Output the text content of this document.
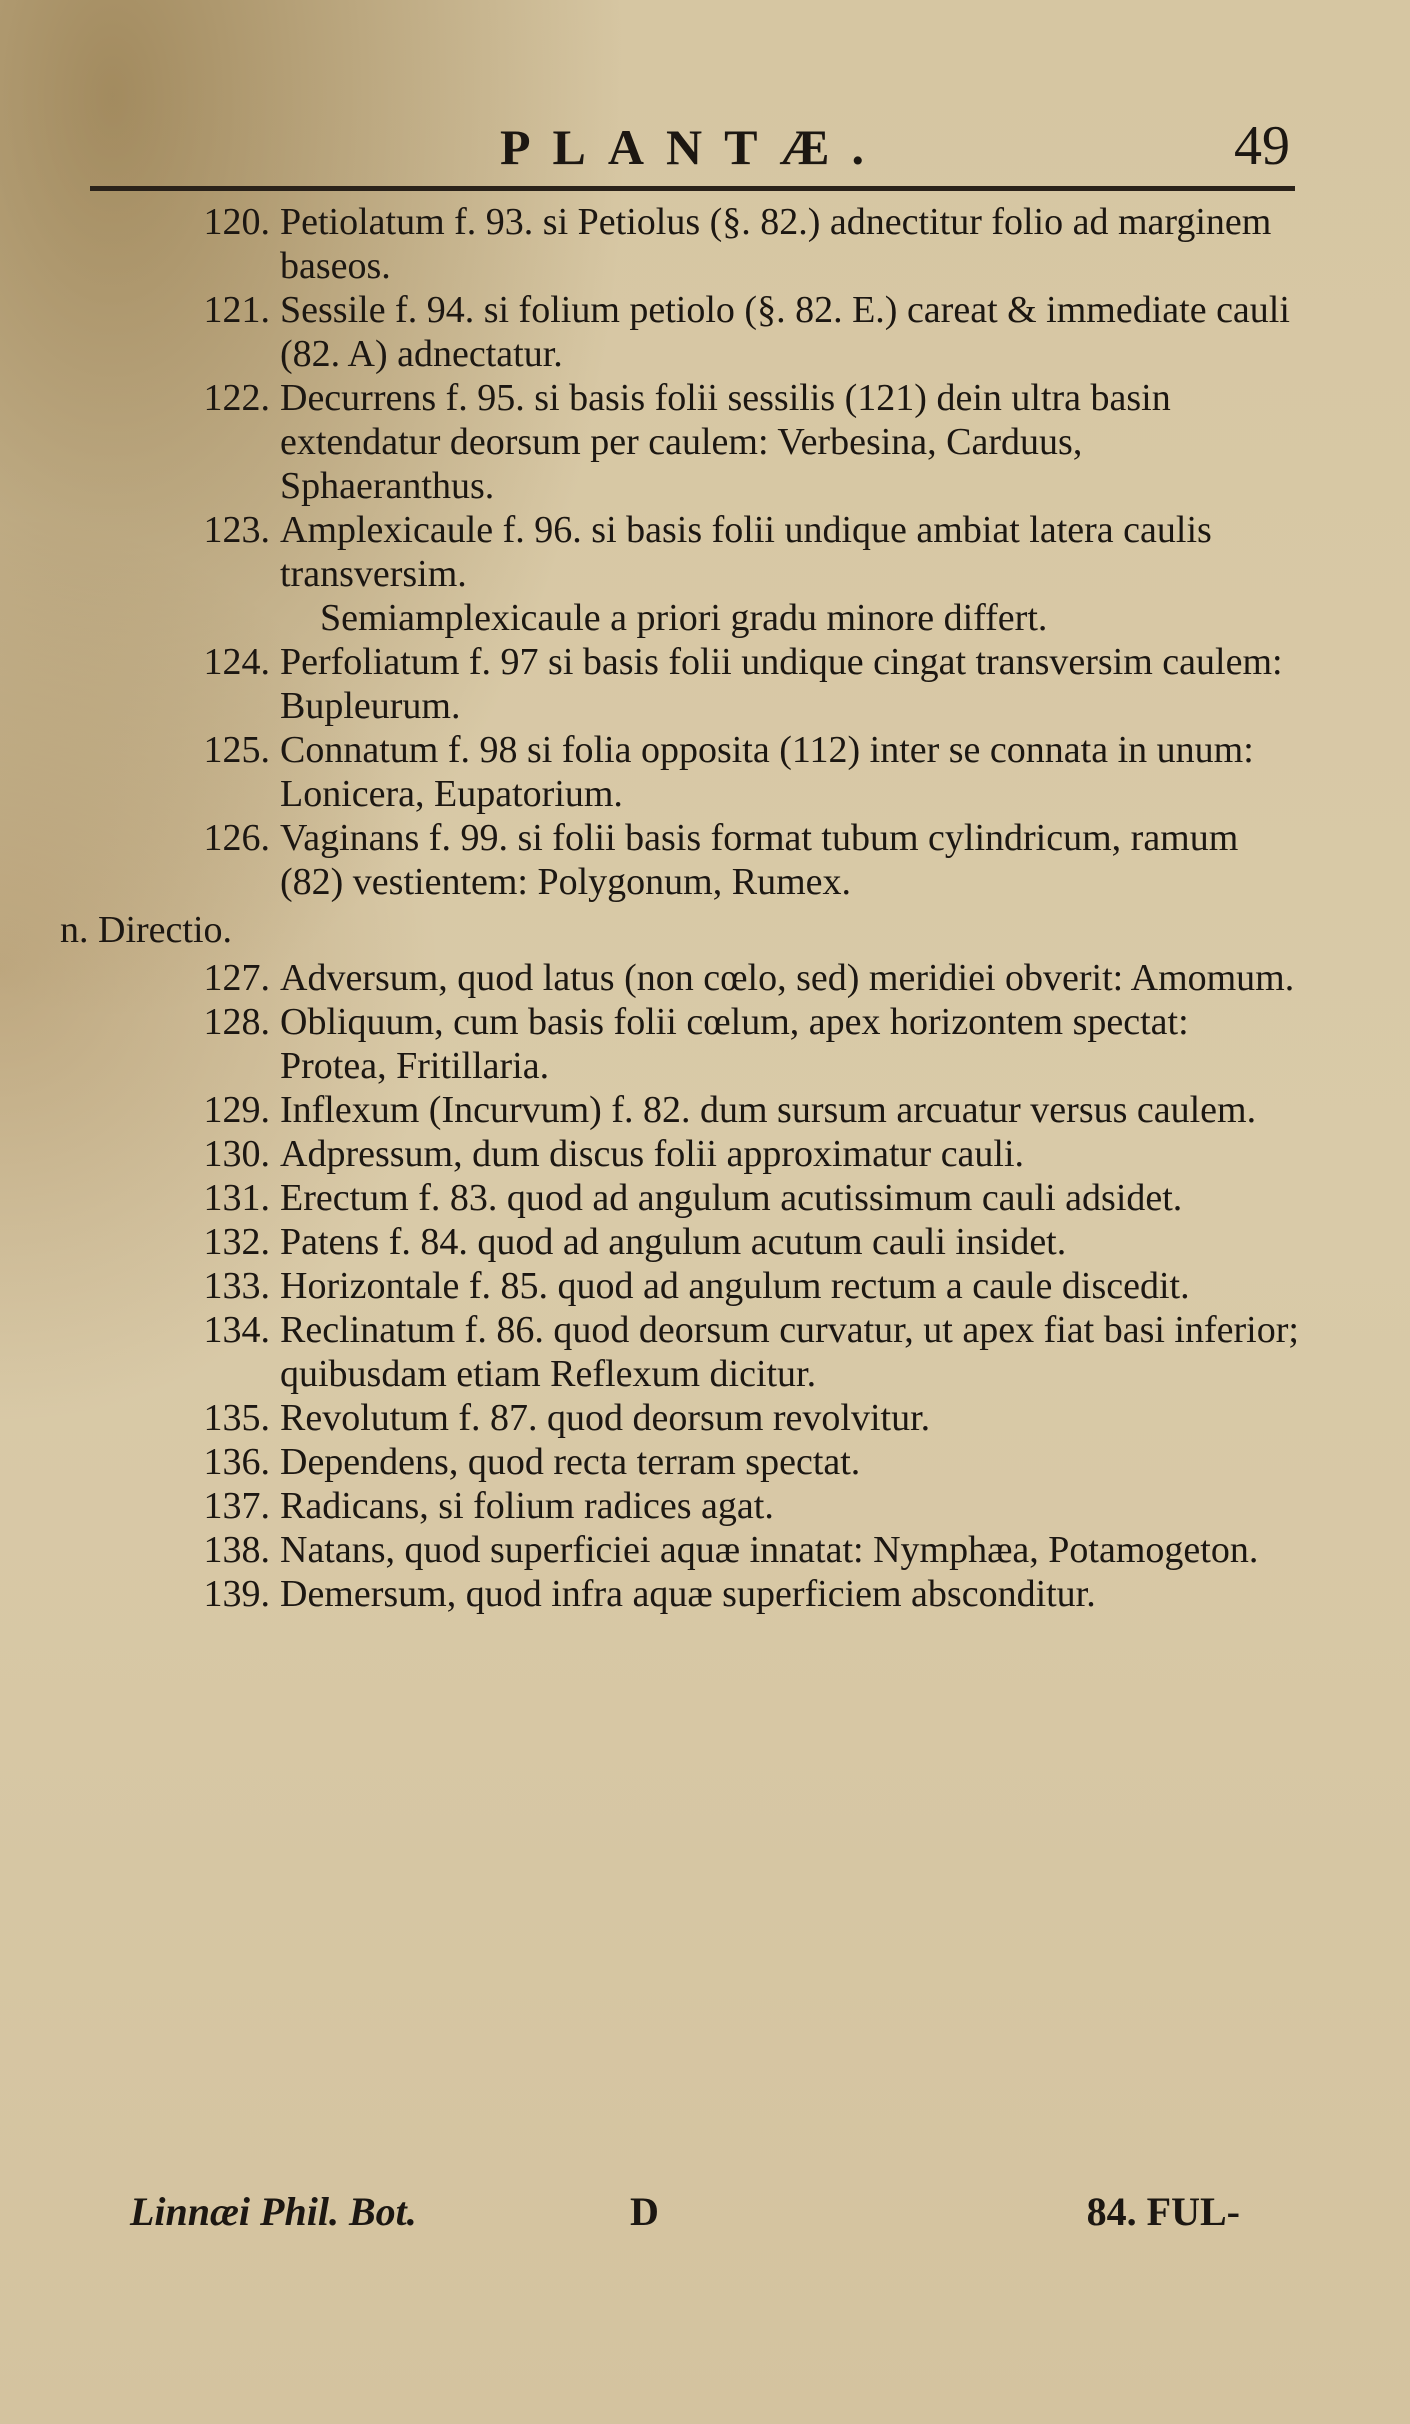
PLANTÆ.	49

120. Petiolatum f. 93. si Petiolus (§. 82.) adnectitur folio ad marginem baseos.

121. Sessile f. 94. si folium petiolo (§. 82. E.) careat & immediate cauli (82. A) adnectatur.

122. Decurrens f. 95. si basis folii sessilis (121) dein ultra basin extendatur deorsum per caulem: Verbesina, Carduus, Sphaeranthus.

123. Amplexicaule f. 96. si basis folii undique ambiat latera caulis transversim.
Semiamplexicaule a priori gradu minore differt.

124. Perfoliatum f. 97 si basis folii undique cingat transversim caulem: Bupleurum.

125. Connatum f. 98 si folia opposita (112) inter se connata in unum: Lonicera, Eupatorium.

126. Vaginans f. 99. si folii basis format tubum cylindricum, ramum (82) vestientem: Polygonum, Rumex.

n. Directio.

127. Adversum, quod latus (non cœlo, sed) meridiei obverit: Amomum.

128. Obliquum, cum basis folii cœlum, apex horizontem spectat: Protea, Fritillaria.

129. Inflexum (Incurvum) f. 82. dum sursum arcuatur versus caulem.

130. Adpressum, dum discus folii approximatur cauli.

131. Erectum f. 83. quod ad angulum acutissimum cauli adsidet.

132. Patens f. 84. quod ad angulum acutum cauli insidet.

133. Horizontale f. 85. quod ad angulum rectum a caule discedit.

134. Reclinatum f. 86. quod deorsum curvatur, ut apex fiat basi inferior; quibusdam etiam Reflexum dicitur.

135. Revolutum f. 87. quod deorsum revolvitur.

136. Dependens, quod recta terram spectat.

137. Radicans, si folium radices agat.

138. Natans, quod superficiei aquæ innatat: Nymphæa, Potamogeton.

139. Demersum, quod infra aquæ superficiem absconditur.

Linnæi Phil. Bot.	D	84. FUL-
